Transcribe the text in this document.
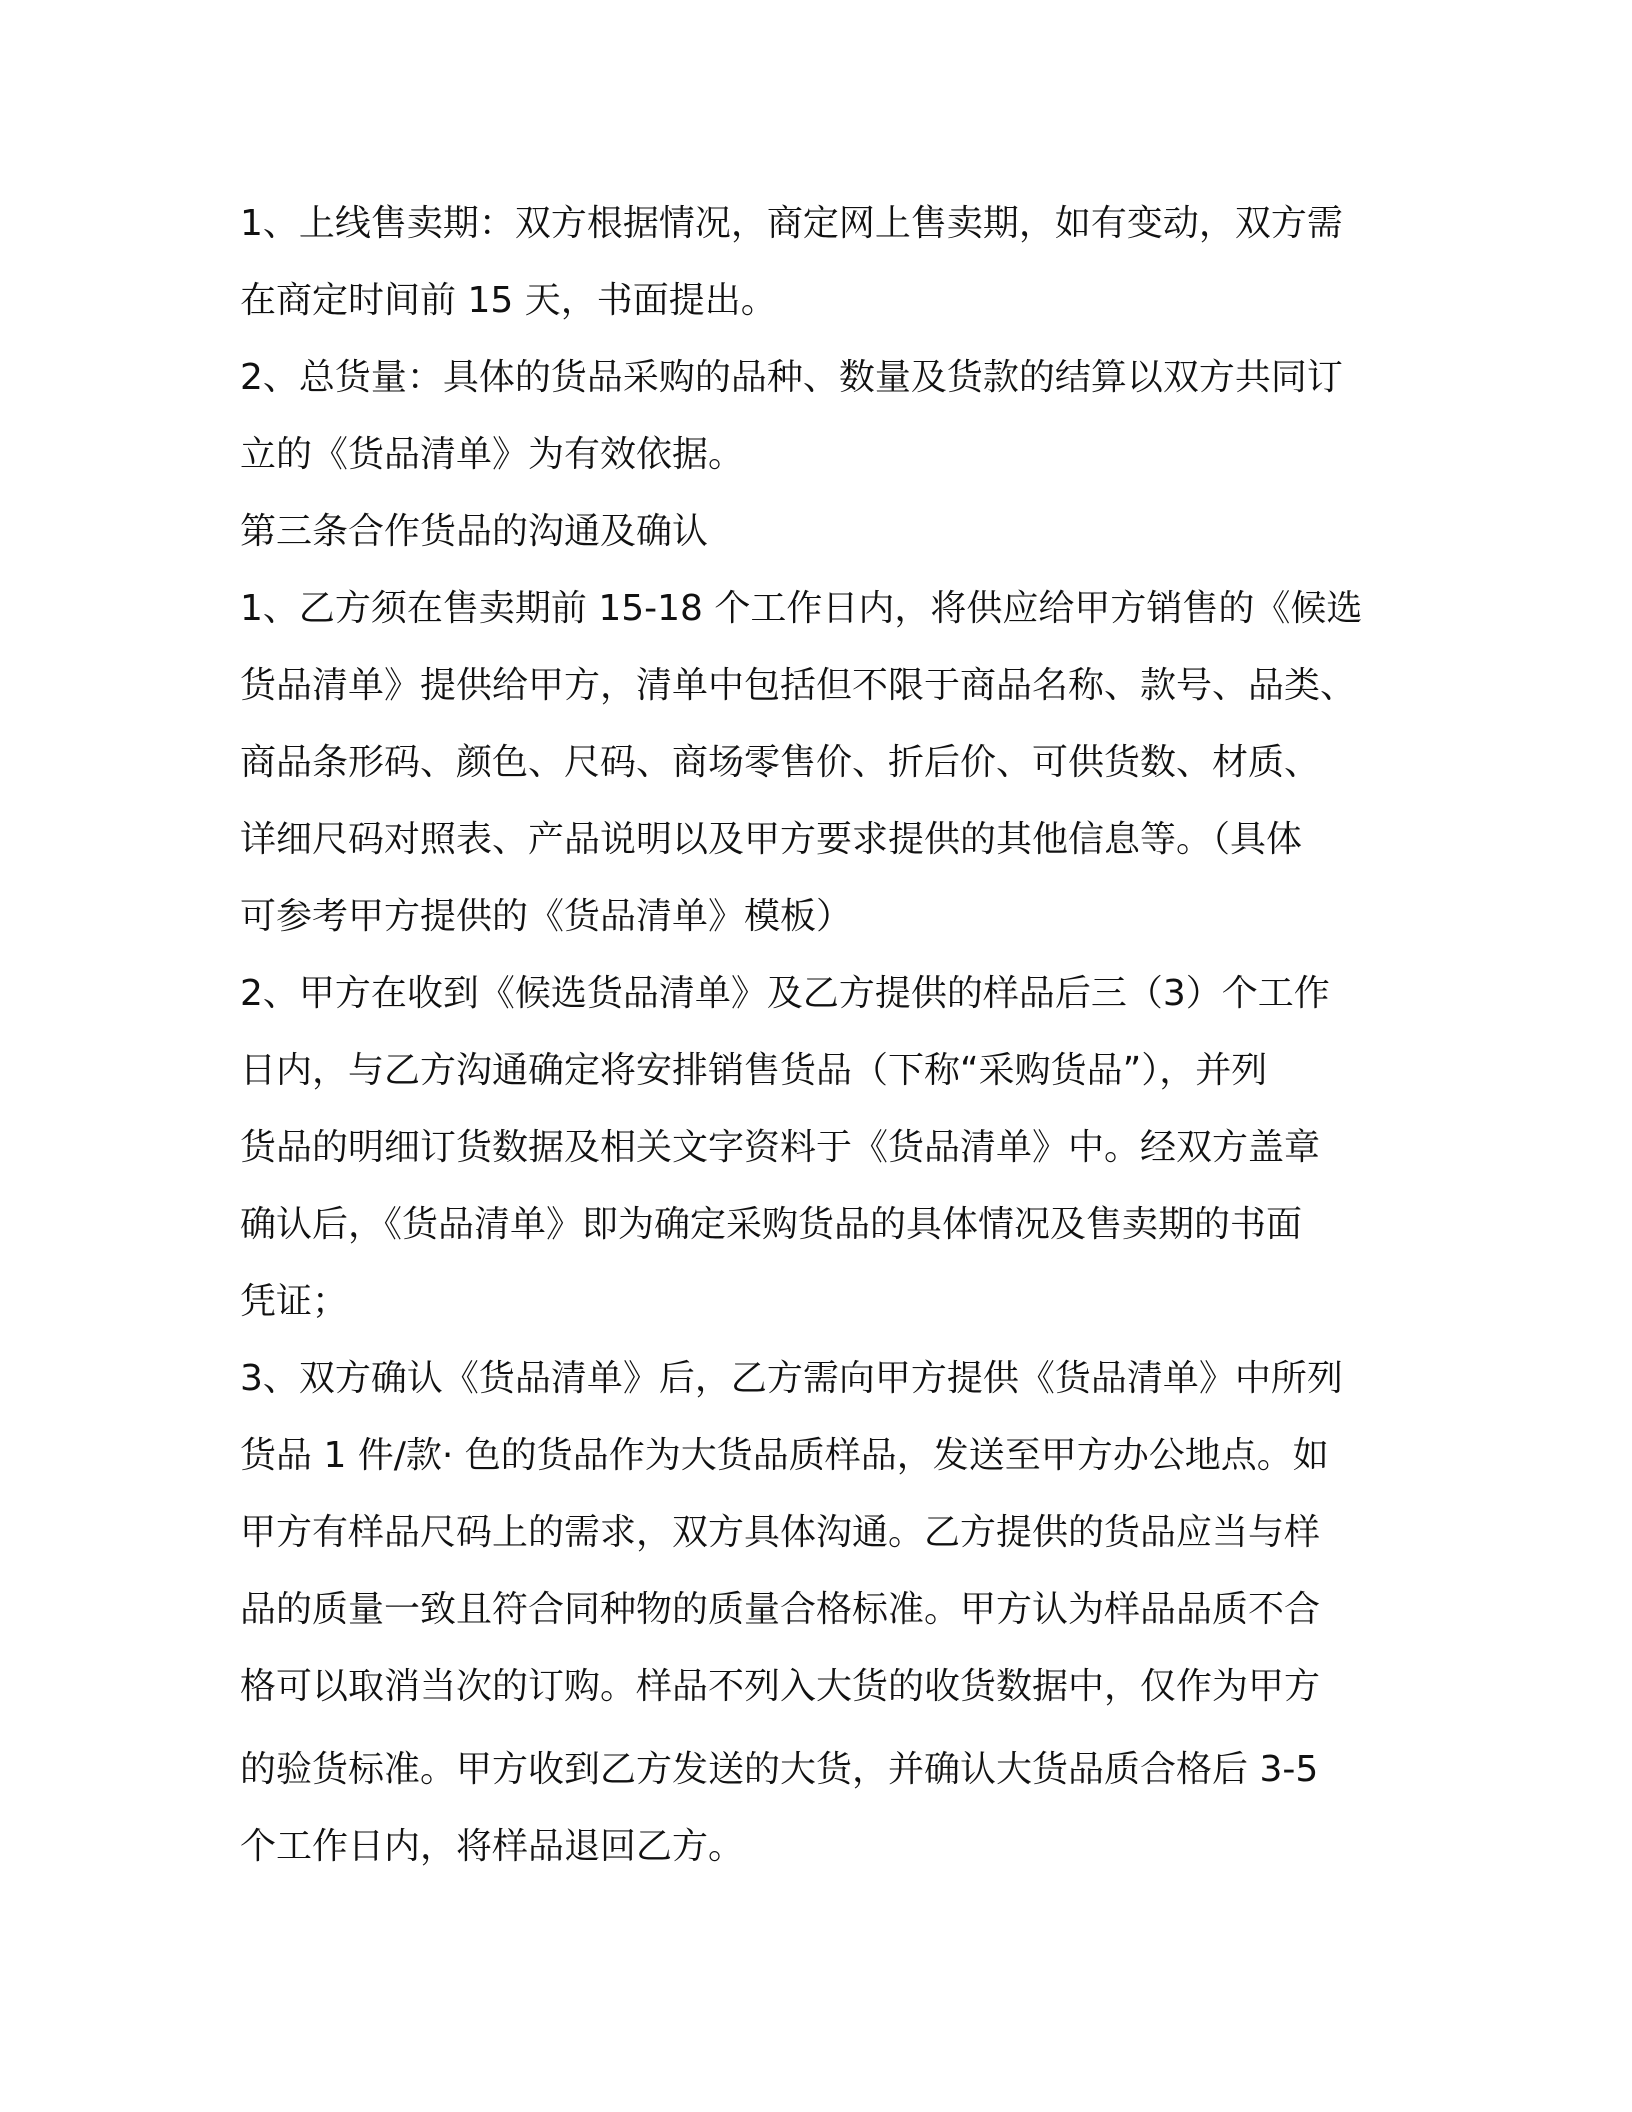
1、上线售卖期：双方根据情况，商定网上售卖期，如有变动，双方需
在商定时间前 15 天，书面提出。
2、总货量：具体的货品采购的品种、数量及货款的结算以双方共同订
立的《货品清单》为有效依据。
第三条合作货品的沟通及确认
1、乙方须在售卖期前 15-18 个工作日内，将供应给甲方销售的《候选
货品清单》提供给甲方，清单中包括但不限于商品名称、款号、品类、
商品条形码、颜色、尺码、商场零售价、折后价、可供货数、材质、
详细尺码对照表、产品说明以及甲方要求提供的其他信息等。（具体
可参考甲方提供的《货品清单》模板）
2、甲方在收到《候选货品清单》及乙方提供的样品后三（3）个工作
日内，与乙方沟通确定将安排销售货品（下称“采购货品”），并列
货品的明细订货数据及相关文字资料于《货品清单》中。经双方盖章
确认后，《货品清单》即为确定采购货品的具体情况及售卖期的书面
凭证；
3、双方确认《货品清单》后，乙方需向甲方提供《货品清单》中所列
货品 1 件/款· 色的货品作为大货品质样品，发送至甲方办公地点。如
甲方有样品尺码上的需求，双方具体沟通。乙方提供的货品应当与样
品的质量一致且符合同种物的质量合格标准。甲方认为样品品质不合
格可以取消当次的订购。样品不列入大货的收货数据中，仅作为甲方
的验货标准。甲方收到乙方发送的大货，并确认大货品质合格后 3-5
个工作日内，将样品退回乙方。
